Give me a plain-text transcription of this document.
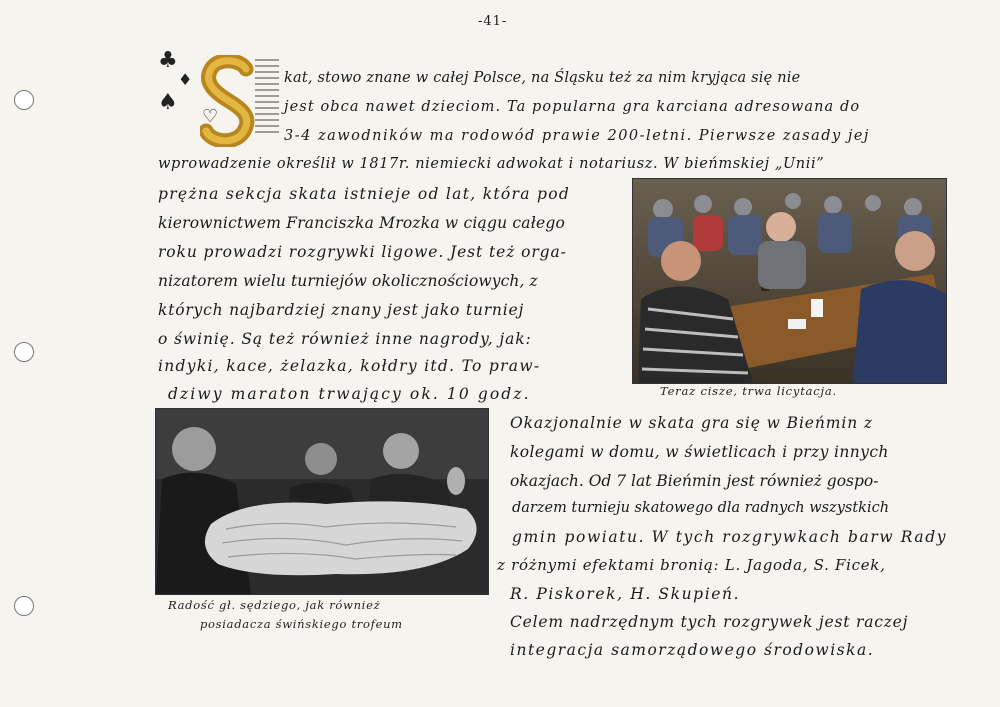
-41-
♣
♠
♡
♦	kat, stowo znane w całej Polsce, na Śląsku też za nim kryjąca się nie
jest obca nawet dzieciom. Ta popularna gra karciana adresowana do
3-4 zawodników ma rodowód prawie 200-letni. Pierwsze zasady jej
wprowadzenie określił w 1817r. niemiecki adwokat i notariusz. W bieńmskiej „Unii”
prężna sekcja skata istnieje od lat, która pod
kierownictwem Franciszka Mrozka w ciągu całego
roku prowadzi rozgrywki ligowe. Jest też orga-
nizatorem wielu turniejów okolicznościowych, z
których najbardziej znany jest jako turniej
o świnię. Są też również inne nagrody, jak:
indyki, kace, żelazka, kołdry itd. To praw-
dziwy maraton trwający ok. 10 godz.	Teraz cisze, trwa licytacja.
Radość gł. sędziego, jak również
posiadacza świńskiego trofeum
Okazjonalnie w skata gra się w Bieńmin z
kolegami w domu, w świetlicach i przy innych
okazjach. Od 7 lat Bieńmin jest również gospo-
darzem turnieju skatowego dla radnych wszystkich
gmin powiatu. W tych rozgrywkach barw Rady
z różnymi efektami bronią: L. Jagoda, S. Ficek,
R. Piskorek, H. Skupień.
Celem nadrzędnym tych rozgrywek jest raczej
integracja samorządowego środowiska.
